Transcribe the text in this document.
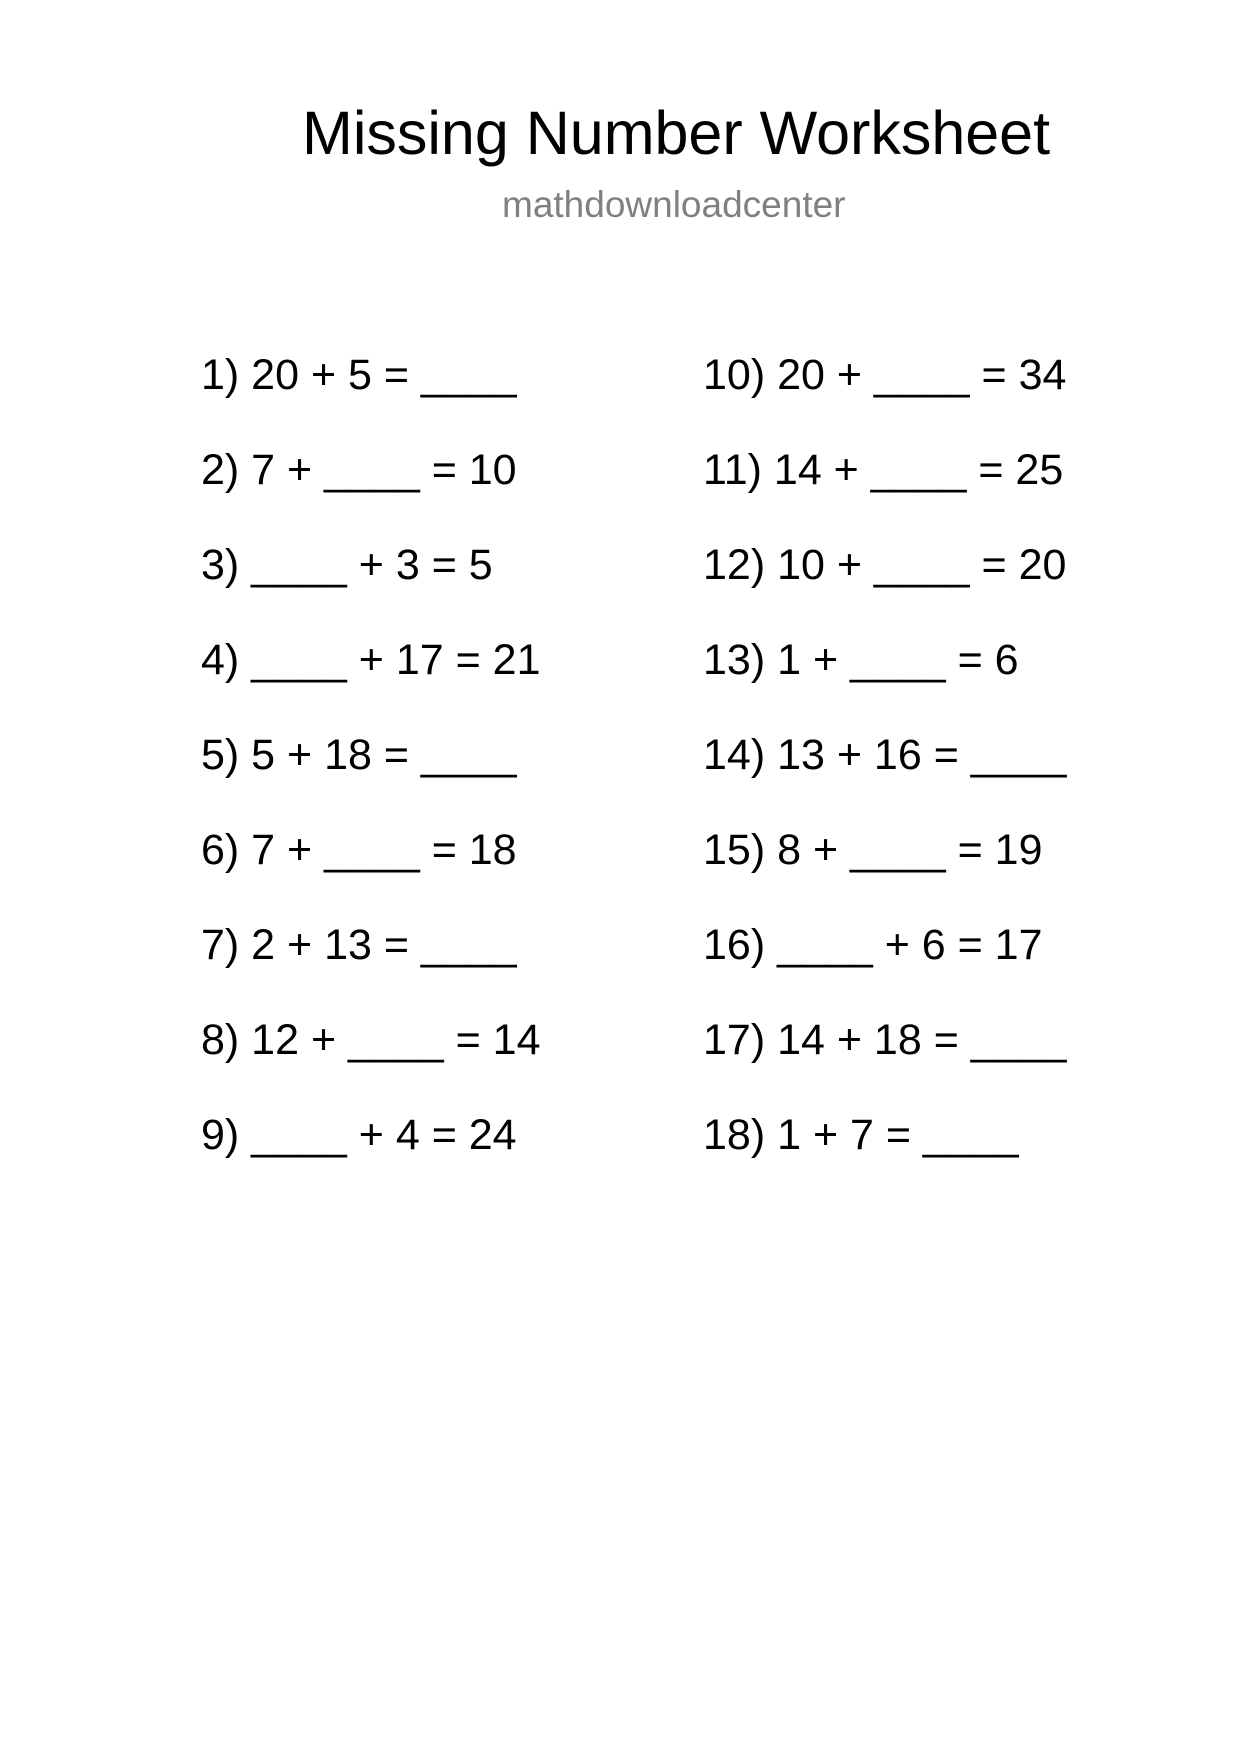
Missing Number Worksheet
mathdownloadcenter
1) 20 + 5 = ____
2) 7 + ____ = 10
3) ____ + 3 = 5
4) ____ + 17 = 21
5) 5 + 18 = ____
6) 7 + ____ = 18
7) 2 + 13 = ____
8) 12 + ____ = 14
9) ____ + 4 = 24
10) 20 + ____ = 34
11) 14 + ____ = 25
12) 10 + ____ = 20
13) 1 + ____ = 6
14) 13 + 16 = ____
15) 8 + ____ = 19
16) ____ + 6 = 17
17) 14 + 18 = ____
18) 1 + 7 = ____
